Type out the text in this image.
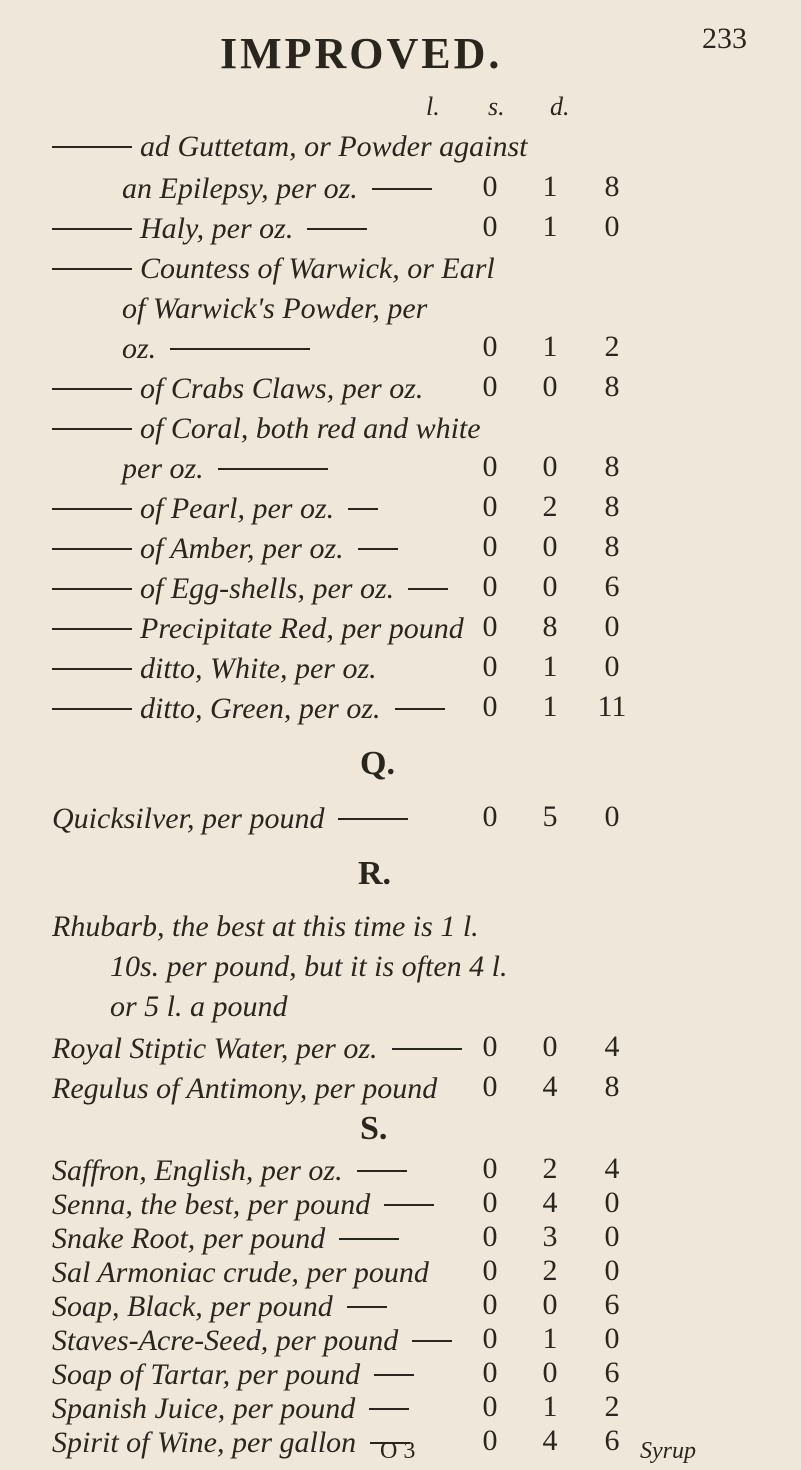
IMPROVED.	233
l. s. d.
ad Guttetam, or Powder against
an Epilepsy, per oz.	0	1	8
Haly, per oz.	0	1	0
Countess of Warwick, or Earl
of Warwick's Powder, per
oz.	0	1	2
of Crabs Claws, per oz.	0	0	8
of Coral, both red and white
per oz.	0	0	8
of Pearl, per oz.	0	2	8
of Amber, per oz.	0	0	8
of Egg-shells, per oz.	0	0	6
Precipitate Red, per pound 0	8	0
ditto, White, per oz.	0	1	0
ditto, Green, per oz.	0	1	11
Q.
Quicksilver, per pound	0	5	0
R.
Rhubarb, the best at this time is 1 l.
10s. per pound, but it is often 4 l.
or 5 l. a pound
Royal Stiptic Water, per oz.	0	0	4
Regulus of Antimony, per pound	0	4	8
S.
Saffron, English, per oz.	0	2	4
Senna, the best, per pound	0	4	0
Snake Root, per pound	0	3	0
Sal Armoniac crude, per pound	0	2	0
Soap, Black, per pound	0	0	6
Staves-Acre-Seed, per pound	0	1	0
Soap of Tartar, per pound	0	0	6
Spanish Juice, per pound	0	1	2
Spirit of Wine, per gallon	0	4	6
O 3	Syrup
